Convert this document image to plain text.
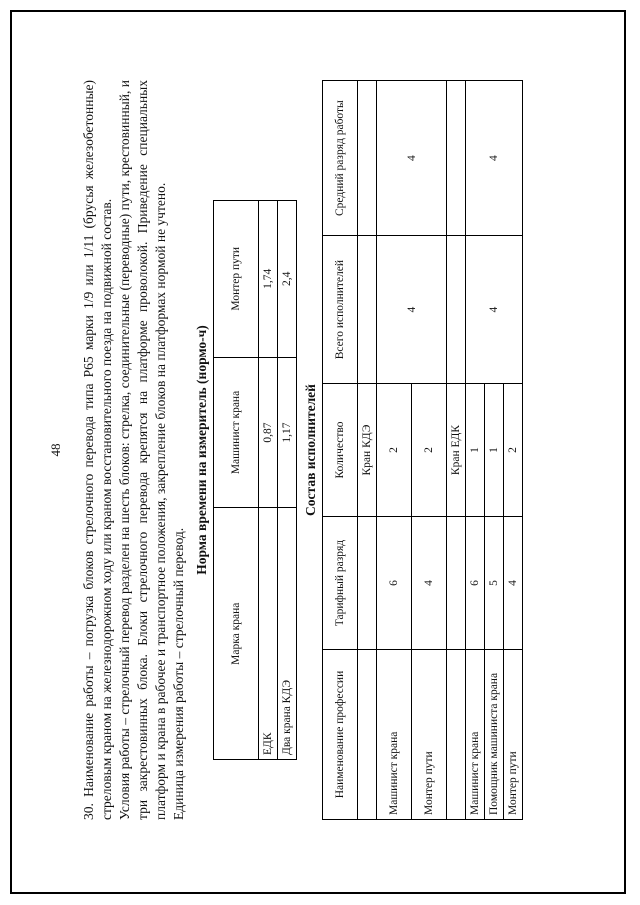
48 30. Наименование работы – погрузка блоков стрелочного перевода типа Р65 марки 1/9 или 1/11 (брусья железобетонные) стреловым краном на железнодорожном ходу или краном восстановительного поезда на подвижной состав. Условия работы – стрелочный перевод разделен на шесть блоков: стрелка, соединительные (переводные) пути, крестовинный, и три закрестовинных блока. Блоки стрелочного перевода крепятся на платформе проволокой. Приведение специальных платформ и крана в рабочее и транспортное положения, закрепление блоков на платформах нормой не учтено. Единица измерения работы – стрелочный перевод.

Норма времени на измеритель (нормо-ч)
Марка крана	Машинист крана	Монтер пути
ЕДК	0,87	1,74
Два крана КДЭ	1,17	2,4
Состав исполнителей
Наименование профессии	Тарифный разряд	Количество	Всего исполнителей	Средний разряд работы
		Кран КДЭ		
Машинист крана	6	2	4	4
Монтер пути	4	2		
		Кран ЕДК		
Машинист крана	6	1	4	4
Помощник машиниста крана	5	1		
Монтер пути	4	2		
